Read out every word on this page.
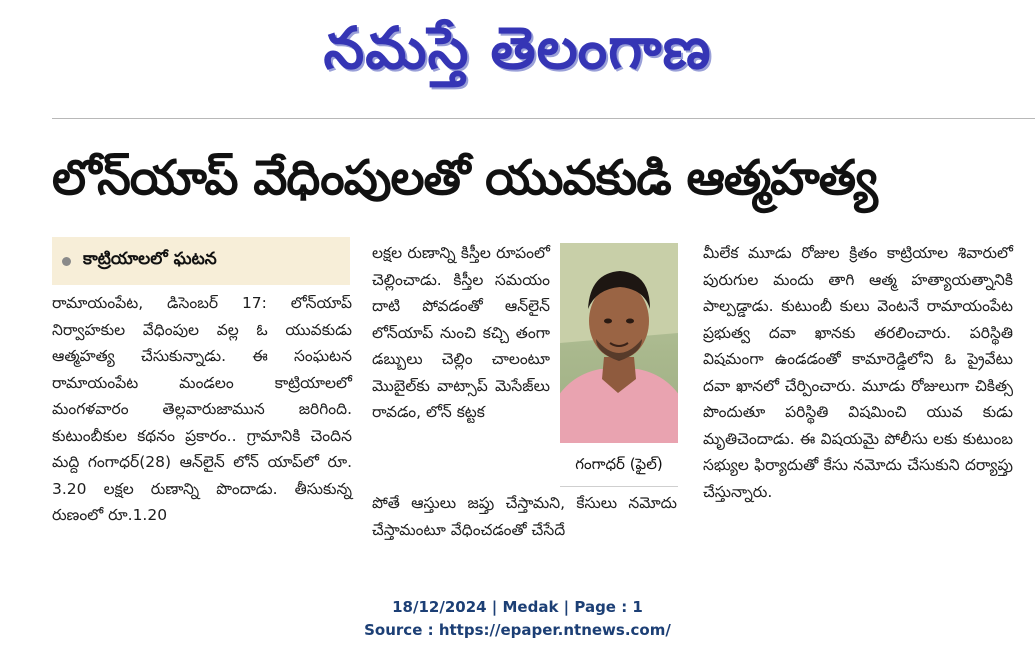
నమస్తే తెలంగాణ
లోన్‌యాప్ వేధింపులతో యువకుడి ఆత్మహత్య
కాట్రియాలలో ఘటన

రామాయంపేట, డిసెంబర్ 17: లోన్‌యాప్ నిర్వాహకుల వేధింపుల వల్ల ఓ యువకుడు ఆత్మహత్య చేసుకున్నాడు. ఈ సంఘటన రామాయంపేట మండలం కాట్రియాలలో మంగళవారం తెల్లవారుజామున జరిగింది. కుటుంబీకుల కథనం ప్రకారం.. గ్రామానికి చెందిన మద్ది గంగాధర్(28) ఆన్‌లైన్ లోన్ యాప్‌లో రూ. 3.20 లక్షల రుణాన్ని పొందాడు. తీసుకున్న రుణంలో రూ.1.20

లక్షల రుణాన్ని కిస్తీల రూపంలో చెల్లించాడు. కిస్తీల సమయం దాటి పోవడంతో ఆన్‌లైన్ లోన్‌యాప్ నుంచి కచ్చి తంగా డబ్బులు చెల్లిం చాలంటూ మొబైల్‌కు వాట్సాప్ మెసేజ్‌లు రావడం, లోన్ కట్టక

గంగాధర్ (ఫైల్)

పోతే ఆస్తులు జప్తు చేస్తామని, కేసులు నమోదు చేస్తామంటూ వేధించడంతో చేసేదే

మీలేక మూడు రోజుల క్రితం కాట్రియాల శివారులో పురుగుల మందు తాగి ఆత్మ హత్యాయత్నానికి పాల్పడ్డాడు. కుటుంబీ కులు వెంటనే రామాయంపేట ప్రభుత్వ దవా ఖానకు తరలించారు. పరిస్థితి విషమంగా ఉండడంతో కామారెడ్డిలోని ఓ ప్రైవేటు దవా ఖానలో చేర్పించారు. మూడు రోజులుగా చికిత్స పొందుతూ పరిస్థితి విషమించి యువ కుడు మృతిచెందాడు. ఈ విషయమై పోలీసు లకు కుటుంబ సభ్యుల ఫిర్యాదుతో కేసు నమోదు చేసుకుని దర్యాప్తు చేస్తున్నారు.

18/12/2024 | Medak | Page : 1
Source : https://epaper.ntnews.com/
